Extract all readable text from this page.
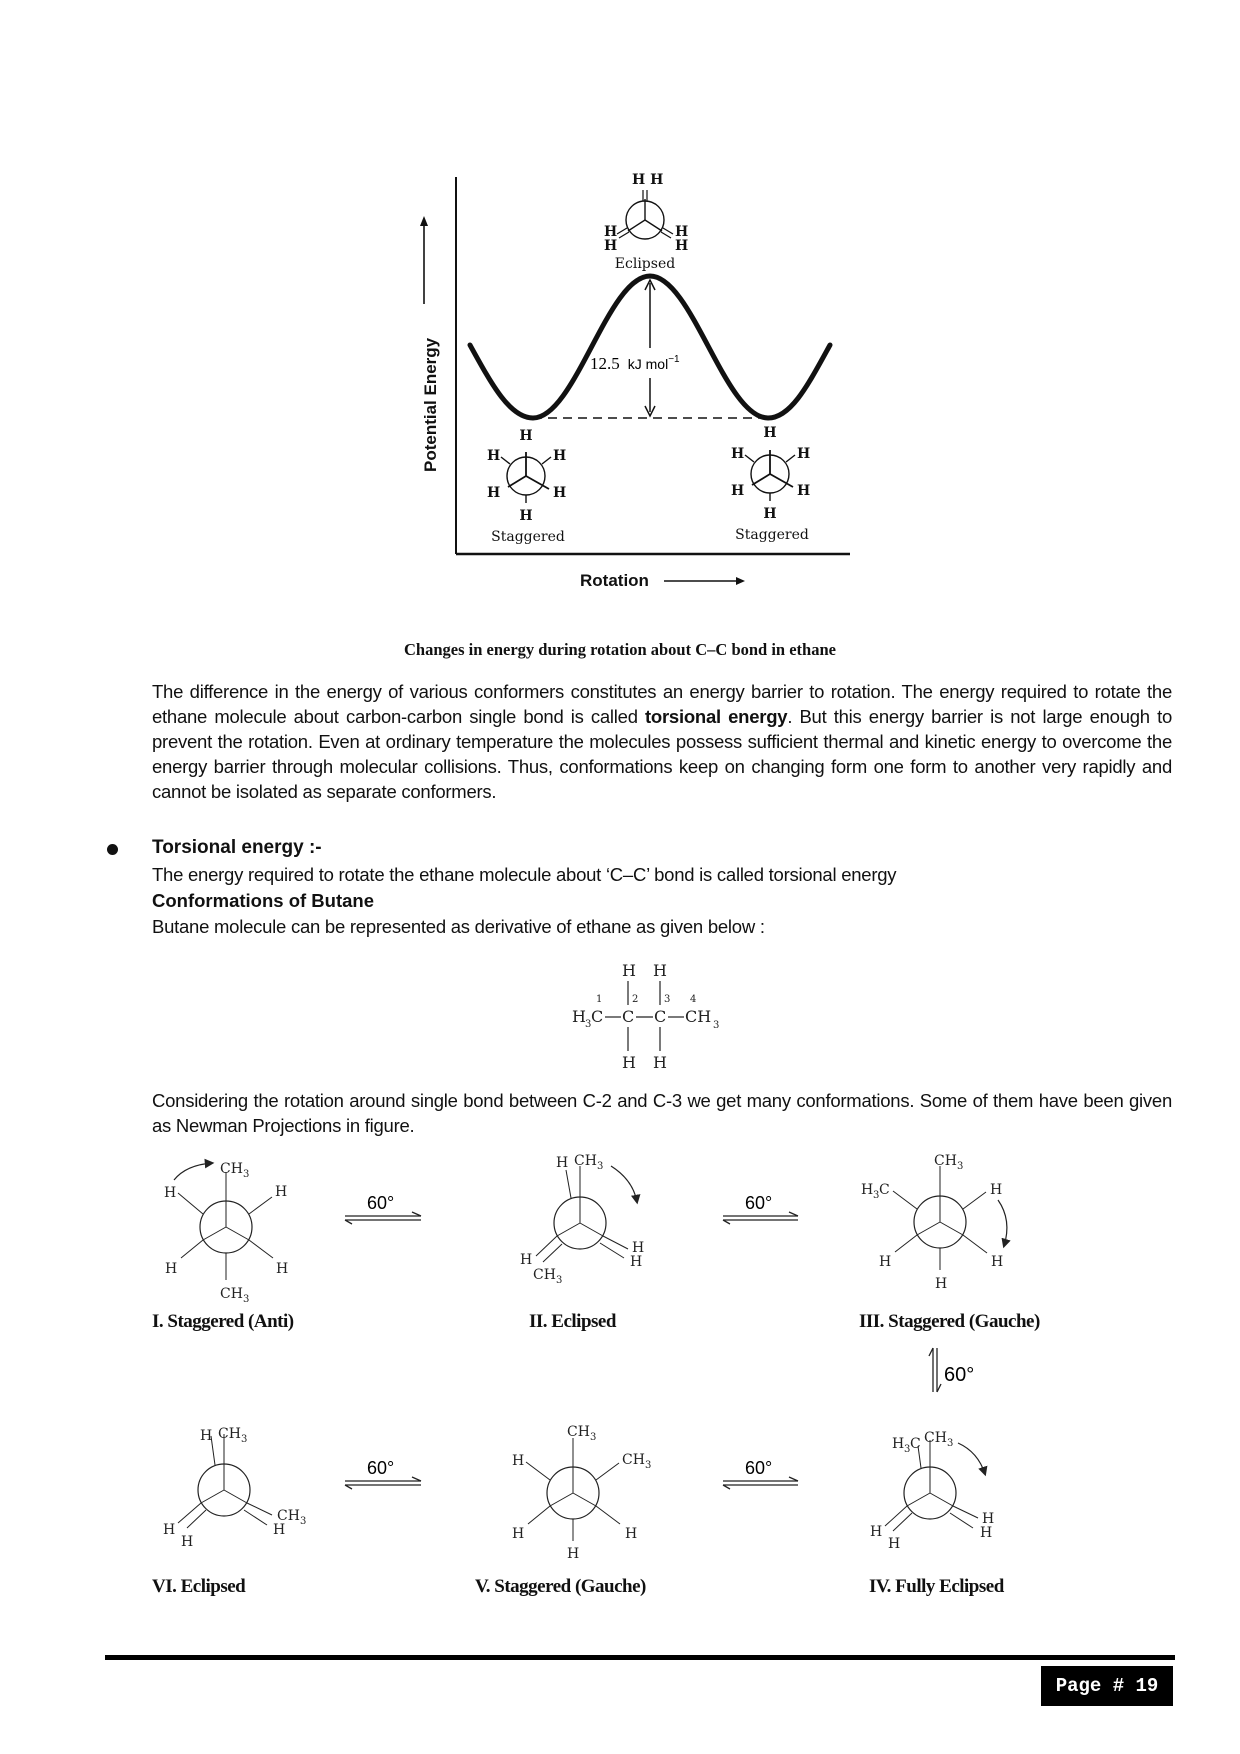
Potential Energy
Rotation
12.5 kJ mol$^{-1}$
H H
H
H
H
H
Eclipsed
H
H	H
H	H
H
Staggered
H
H	H
H	H
H
Staggered
Changes in energy during rotation about C–C bond in ethane
The difference in the energy of various conformers constitutes an energy barrier to rotation. The energy required to rotate the ethane molecule about carbon-carbon single bond is called torsional energy. But this energy barrier is not large enough to prevent the rotation. Even at ordinary temperature the molecules possess sufficient thermal and kinetic energy to overcome the energy barrier through molecular collisions. Thus, conformations keep on changing form one form to another very rapidly and cannot be isolated as separate conformers.
Torsional energy :-
The energy required to rotate the ethane molecule about ‘C–C’ bond is called torsional energy
Conformations of Butane
Butane molecule can be represented as derivative of ethane as given below :
H H
1	2	3 4
H 3 C C C CH 3
H H
Considering the rotation around single bond between C-2 and C-3 we get many conformations. Some of them have been given as Newman Projections in figure.
CH 3
H	H
H	H
CH 3
H CH 3
H
CH 3
H
H
CH 3
H 3 C	H
H	H
H
H CH 3
H
H
CH 3
H
CH 3
H	CH 3
H	H
H
H 3 C CH 3
H
H
H
H
60°	60°
60°
60°	60°
I. Staggered (Anti)	II. Eclipsed	III. Staggered (Gauche)
VI. Eclipsed	V. Staggered (Gauche)	IV. Fully Eclipsed
Page # 19
